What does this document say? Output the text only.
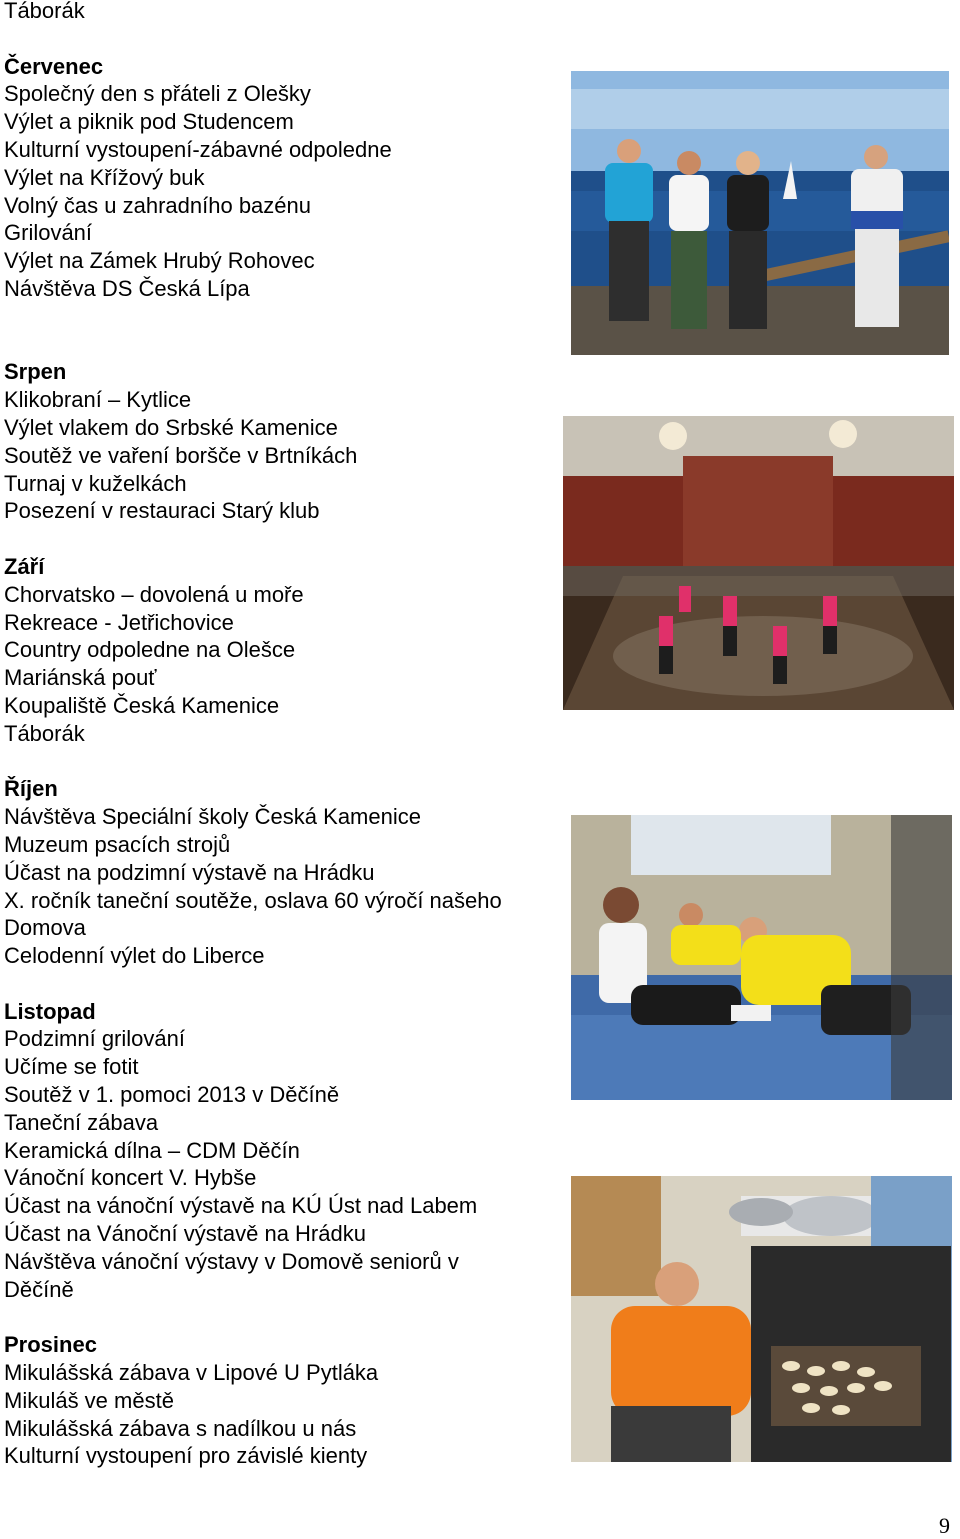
Táborák
Červenec
Společný den s přáteli z Olešky
Výlet a piknik pod Studencem
Kulturní vystoupení-zábavné odpoledne
Výlet na Křížový buk
Volný čas u zahradního bazénu
Grilování
Výlet na Zámek Hrubý Rohovec
Návštěva DS Česká Lípa
Srpen
Klikobraní – Kytlice
Výlet vlakem do Srbské Kamenice
Soutěž ve vaření boršče v Brtníkách
Turnaj v kuželkách
Posezení v restauraci Starý klub
Září
Chorvatsko – dovolená u moře
Rekreace - Jetřichovice
Country odpoledne na Olešce
Mariánská pouť
Koupaliště Česká Kamenice
Táborák
Říjen
Návštěva Speciální školy Česká Kamenice
Muzeum psacích strojů
Účast na podzimní výstavě na Hrádku
X. ročník taneční soutěže, oslava 60 výročí našeho
Domova
Celodenní výlet do Liberce
Listopad
Podzimní grilování
Učíme se fotit
Soutěž v 1. pomoci 2013 v Děčíně
Taneční zábava
Keramická dílna – CDM Děčín
Vánoční koncert V. Hybše
Účast na vánoční výstavě na KÚ Úst nad Labem
Účast na Vánoční výstavě na Hrádku
Návštěva vánoční výstavy v Domově seniorů v
Děčíně
Prosinec
Mikulášská zábava v Lipové U Pytláka
Mikuláš ve městě
Mikulášská zábava s nadílkou u nás
Kulturní vystoupení pro závislé kienty
9
